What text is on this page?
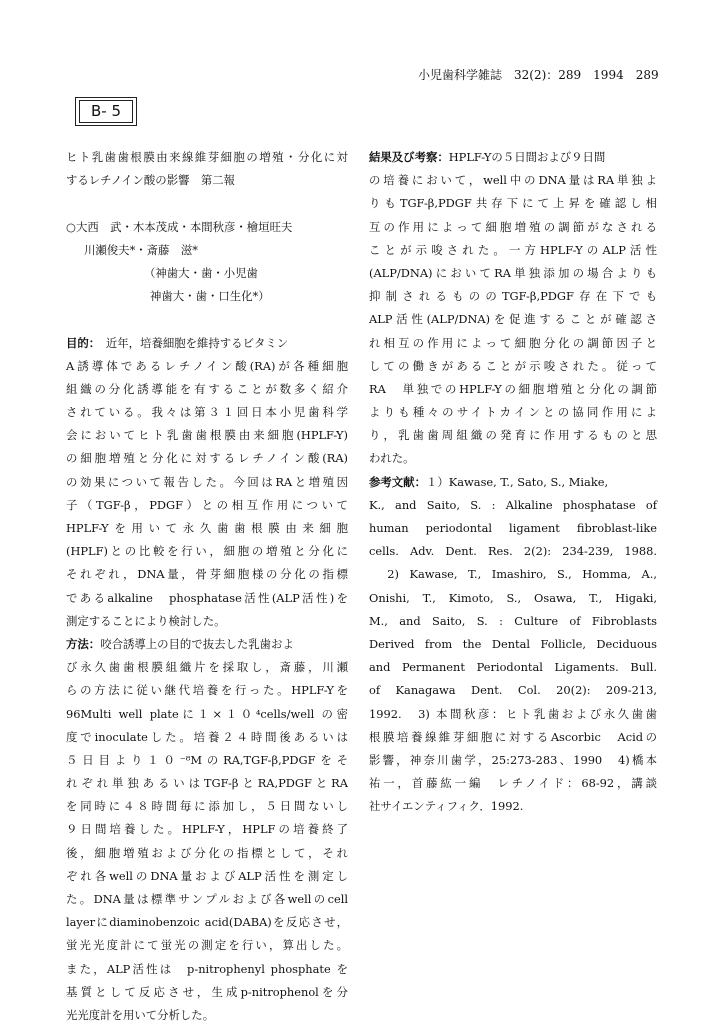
小児歯科学雑誌　32(2)：289　1994　289
B- 5
ヒト乳歯歯根膜由来線維芽細胞の増殖・分化に対
するレチノイン酸の影響　第二報
○大西　武・木本茂成・本間秋彦・檜垣旺夫
川瀬俊夫*・斎藤　滋*
（神歯大・歯・小児歯
神歯大・歯・口生化*）
目的：　近年，培養細胞を維持するビタミン
A誘導体であるレチノイン酸(RA)が各種細胞
組織の分化誘導能を有することが数多く紹介
されている。我々は第３１回日本小児歯科学
会においてヒト乳歯歯根膜由来細胞(HPLF-Y)
の細胞増殖と分化に対するレチノイン酸(RA)
の効果について報告した。今回はRAと増殖因
子（TGF-β，PDGF）との相互作用について
HPLF-Yを用いて永久歯歯根膜由来細胞
(HPLF)との比較を行い，細胞の増殖と分化に
それぞれ，DNA量，骨芽細胞様の分化の指標
であるalkaline　phosphatase活性(ALP活性)を
測定することにより検討した。
方法：咬合誘導上の目的で抜去した乳歯およ
び永久歯歯根膜組織片を採取し，斎藤，川瀬
らの方法に従い継代培養を行った。HPLF-Yを
96Multi well plateに１×１０⁴cells/well の密
度でinoculateした。培養２４時間後あるいは
５日目より１０⁻⁸MのRA,TGF-β,PDGFをそ
れぞれ単独あるいはTGF-βとRA,PDGFとRA
を同時に４８時間毎に添加し，５日間ないし
９日間培養した。HPLF-Y，HPLFの培養終了
後，細胞増殖および分化の指標として，それ
ぞれ各wellのDNA量およびALP活性を測定し
た。DNA量は標準サンプルおよび各wellのcell
layerにdiaminobenzoic acid(DABA)を反応させ，
蛍光光度計にて蛍光の測定を行い，算出した。
また，ALP活性は　p-nitrophenyl phosphate を
基質として反応させ，生成p-nitrophenolを分
光光度計を用いて分析した。
結果及び考察：HPLF-Yの５日間および９日間
の培養において，well中のDNA量はRA単独よ
りもTGF-β,PDGF共存下にて上昇を確認し相
互の作用によって細胞増殖の調節がなされる
ことが示唆された。一方HPLF-YのALP活性
(ALP/DNA)においてRA単独添加の場合よりも
抑制されるもののTGF-β,PDGF存在下でも
ALP活性(ALP/DNA)を促進することが確認さ
れ相互の作用によって細胞分化の調節因子と
しての働きがあることが示唆された。従って
RA　単独でのHPLF-Yの細胞増殖と分化の調節
よりも種々のサイトカインとの協同作用によ
り，乳歯歯周組織の発育に作用するものと思
われた。
参考文献：１）Kawase, T., Sato, S., Miake,
K., and Saito, S. : Alkaline phosphatase of
human periodontal ligament fibroblast-like
cells. Adv. Dent. Res. 2(2): 234-239, 1988.
　2) Kawase, T., Imashiro, S., Homma, A.,
Onishi, T., Kimoto, S., Osawa, T., Higaki,
M., and Saito, S. : Culture of Fibroblasts
Derived from the Dental Follicle, Deciduous
and Permanent Periodontal Ligaments. Bull.
of Kanagawa Dent. Col. 20(2): 209-213,
1992.　3) 本間秋彦：ヒト乳歯および永久歯歯
根膜培養線維芽細胞に対するAscorbic　Acidの
影響，神奈川歯学，25:273-283、1990　4)橋本
祐一，首藤紘一編　レチノイド：68-92，講談
社サイエンティフィク．1992.
